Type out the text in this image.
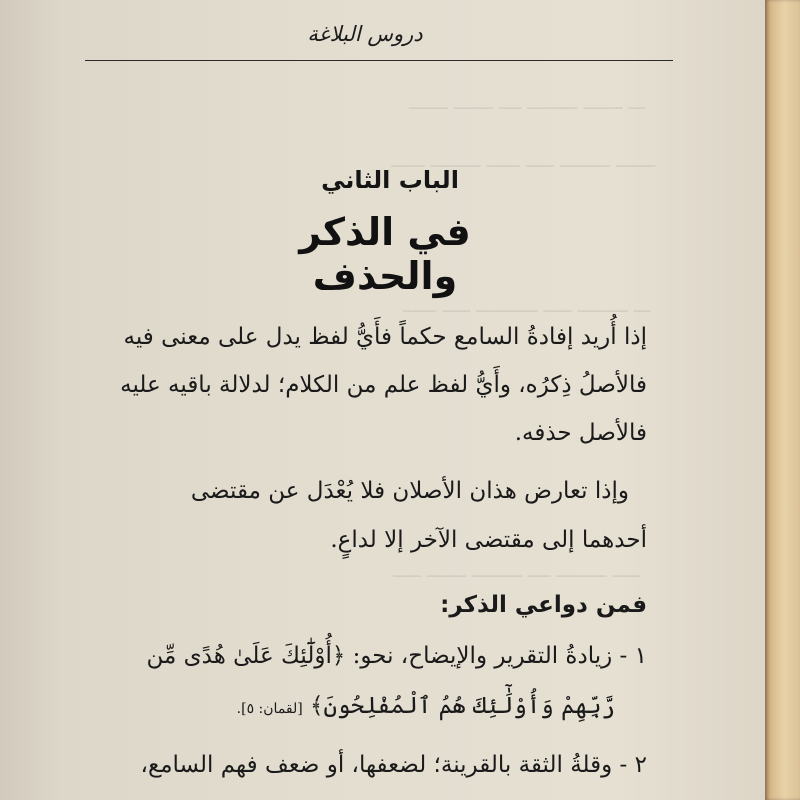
ـــــــ ـــــــ ــــ ـــــــــ ـــــــ ـــ
ــــــ ـــــــــ ــــــ ـــــ ـــــــــ ـــــــ
ــــــ ـــــ ـــــــــــ ـــــ ـــــــــ ـــ
ـــــ ـــــــ ـــــــــ ــــ ـــــــــ ـــــ
دروس البلاغة
الباب الثاني
في الذكر والحذف
إذا أُريد إفادةُ السامع حكماً فأَيُّ لفظ يدل على معنى فيه
فالأصلُ ذِكرُه، وأَيُّ لفظ علم من الكلام؛ لدلالة باقيه عليه
فالأصل حذفه.
وإذا تعارض هذان الأصلان فلا يُعْدَل عن مقتضى
أحدهما إلى مقتضى الآخر إلا لداعٍ.
فمن دواعي الذكر:
١ - زيادةُ التقرير والإيضاح، نحو: ﴿أُوْلَٰٓئِكَ عَلَىٰ هُدًى مِّن
رَّبِّهِمْ وَأُوْلَٰٓئِكَ هُمُ ٱلْمُفْلِحُونَ﴾ [لقمان: ٥].
٢ - وقلةُ الثقة بالقرينة؛ لضعفها، أو ضعف فهم السامع،
